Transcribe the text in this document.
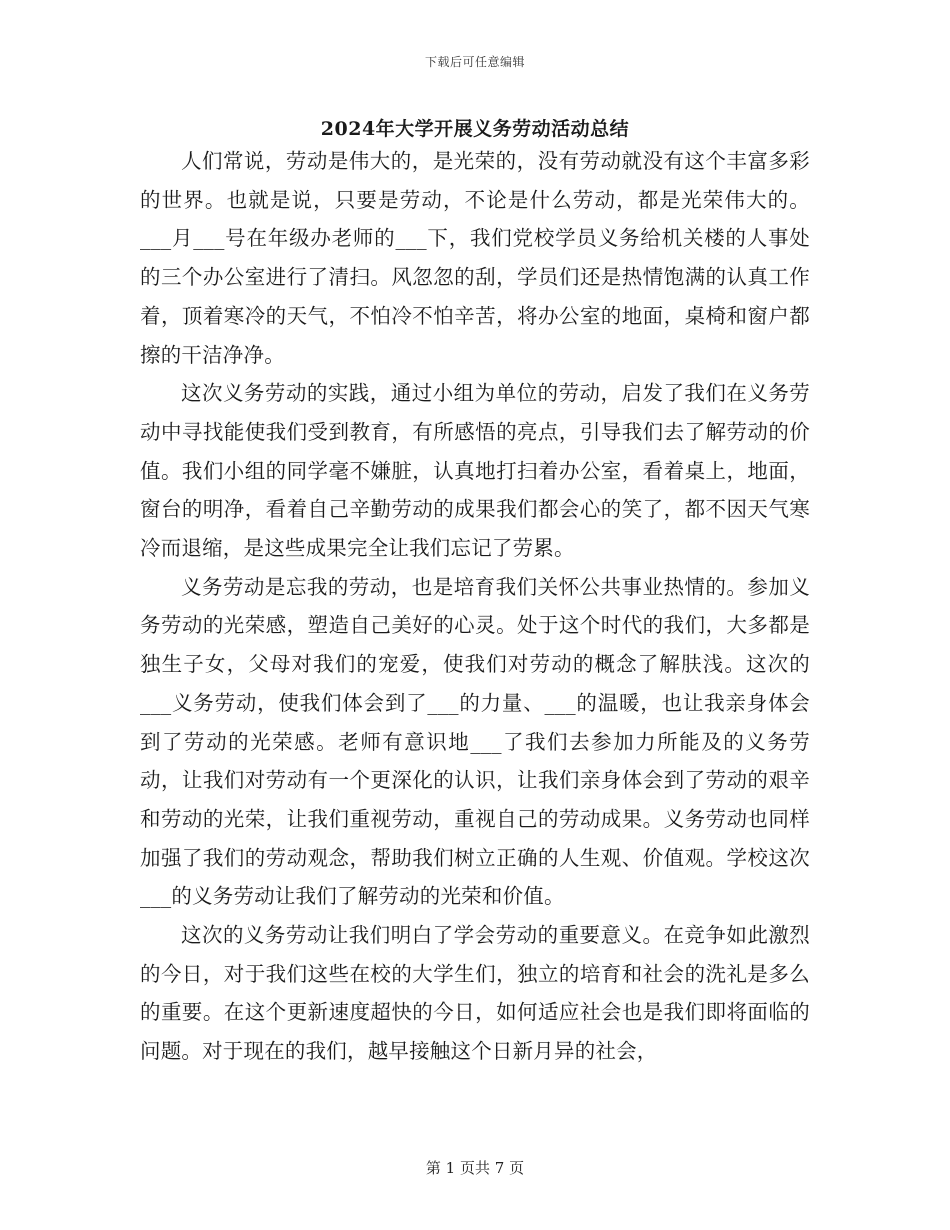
下载后可任意编辑
2024年大学开展义务劳动活动总结

人们常说，劳动是伟大的，是光荣的，没有劳动就没有这个丰富多彩的世界。也就是说，只要是劳动，不论是什么劳动，都是光荣伟大的。___月___号在年级办老师的___下，我们党校学员义务给机关楼的人事处的三个办公室进行了清扫。风忽忽的刮，学员们还是热情饱满的认真工作着，顶着寒冷的天气，不怕冷不怕辛苦，将办公室的地面，桌椅和窗户都擦的干洁净净。

这次义务劳动的实践，通过小组为单位的劳动，启发了我们在义务劳动中寻找能使我们受到教育，有所感悟的亮点，引导我们去了解劳动的价值。我们小组的同学毫不嫌脏，认真地打扫着办公室，看着桌上，地面，窗台的明净，看着自己辛勤劳动的成果我们都会心的笑了，都不因天气寒冷而退缩，是这些成果完全让我们忘记了劳累。

义务劳动是忘我的劳动，也是培育我们关怀公共事业热情的。参加义务劳动的光荣感，塑造自己美好的心灵。处于这个时代的我们，大多都是独生子女，父母对我们的宠爱，使我们对劳动的概念了解肤浅。这次的___义务劳动，使我们体会到了___的力量、___的温暖，也让我亲身体会到了劳动的光荣感。老师有意识地___了我们去参加力所能及的义务劳动，让我们对劳动有一个更深化的认识，让我们亲身体会到了劳动的艰辛和劳动的光荣，让我们重视劳动，重视自己的劳动成果。义务劳动也同样加强了我们的劳动观念，帮助我们树立正确的人生观、价值观。学校这次___的义务劳动让我们了解劳动的光荣和价值。

这次的义务劳动让我们明白了学会劳动的重要意义。在竞争如此激烈的今日，对于我们这些在校的大学生们，独立的培育和社会的洗礼是多么的重要。在这个更新速度超快的今日，如何适应社会也是我们即将面临的问题。对于现在的我们，越早接触这个日新月异的社会，

第 1 页共 7 页
